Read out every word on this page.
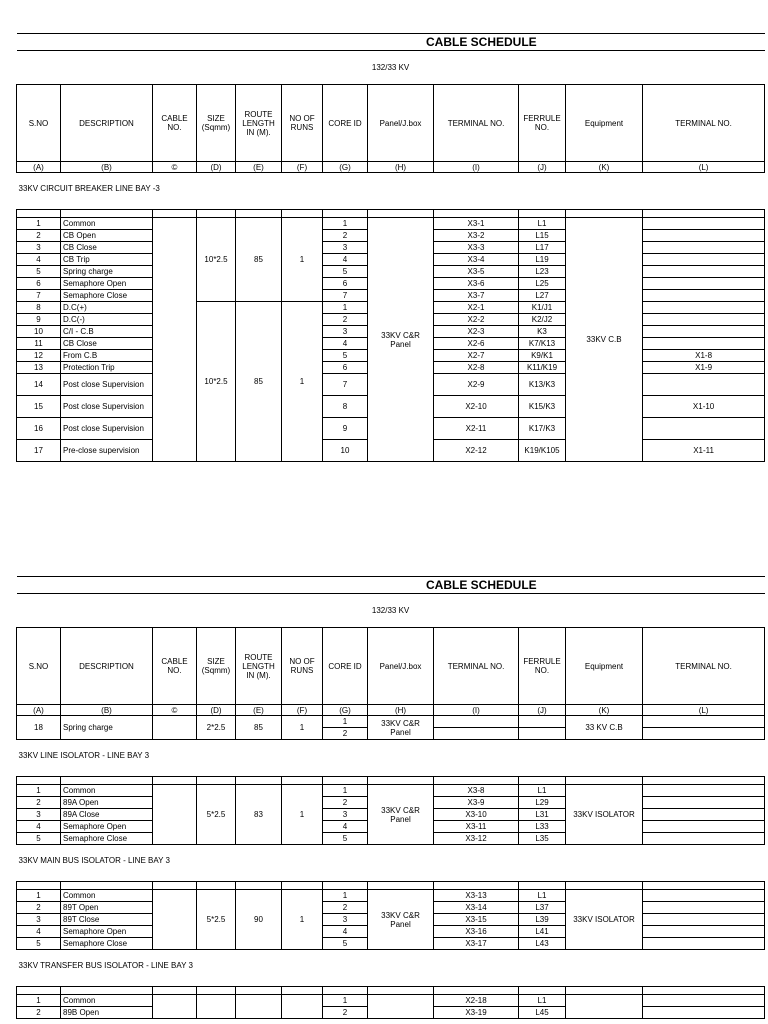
CABLE SCHEDULE											
132/33 KV											
S.NO	DESCRIPTION	CABLE NO.	SIZE (Sqmm)	ROUTE LENGTH IN (M).	NO OF RUNS	CORE ID	Panel/J.box	TERMINAL NO.	FERRULE NO.	Equipment	TERMINAL NO.
(A)	(B)	©	(D)	(E)	(F)	(G)	(H)	(I)	(J)	(K)	(L)
33KV CIRCUIT BREAKER LINE BAY -3											

1	Common		10*2.5	85	1	1	33KV C&R Panel	X3-1	L1	33KV C.B	
2	CB Open					2		X3-2	L15		
3	CB Close					3		X3-3	L17		
4	CB Trip					4		X3-4	L19		
5	Spring charge					5		X3-5	L23		
6	Semaphore Open					6		X3-6	L25		
7	Semaphore Close					7		X3-7	L27		
8	D.C(+)		10*2.5	85	1	1		X2-1	K1/J1		
9	D.C(-)					2		X2-2	K2/J2		
10	C/I - C.B					3		X2-3	K3		
11	CB Close					4		X2-6	K7/K13		
12	From C.B					5		X2-7	K9/K1		X1-8
13	Protection Trip					6		X2-8	K11/K19		X1-9
14	Post close Supervision					7		X2-9	K13/K3		
15	Post close Supervision					8		X2-10	K15/K3		X1-10
16	Post close Supervision					9		X2-11	K17/K3		
17	Pre-close supervision					10		X2-12	K19/K105		X1-11
CABLE SCHEDULE											
132/33 KV											
S.NO	DESCRIPTION	CABLE NO.	SIZE (Sqmm)	ROUTE LENGTH IN (M).	NO OF RUNS	CORE ID	Panel/J.box	TERMINAL NO.	FERRULE NO.	Equipment	TERMINAL NO.
(A)	(B)	©	(D)	(E)	(F)	(G)	(H)	(I)	(J)	(K)	(L)
18	Spring charge		2*2.5	85	1	1	33KV C&R Panel			33 KV C.B	
						2					
33KV LINE ISOLATOR - LINE BAY 3											

1	Common		5*2.5	83	1	1	33KV C&R Panel	X3-8	L1	33KV ISOLATOR	
2	89A Open					2		X3-9	L29		
3	89A Close					3		X3-10	L31		
4	Semaphore Open					4		X3-11	L33		
5	Semaphore Close					5		X3-12	L35		
33KV MAIN BUS ISOLATOR - LINE BAY 3											

1	Common		5*2.5	90	1	1	33KV C&R Panel	X3-13	L1	33KV ISOLATOR	
2	89T Open					2		X3-14	L37		
3	89T Close					3		X3-15	L39		
4	Semaphore Open					4		X3-16	L41		
5	Semaphore Close					5		X3-17	L43		
33KV TRANSFER BUS ISOLATOR - LINE BAY 3											

1	Common					1		X2-18	L1		
2	89B Open					2		X3-19	L45		
